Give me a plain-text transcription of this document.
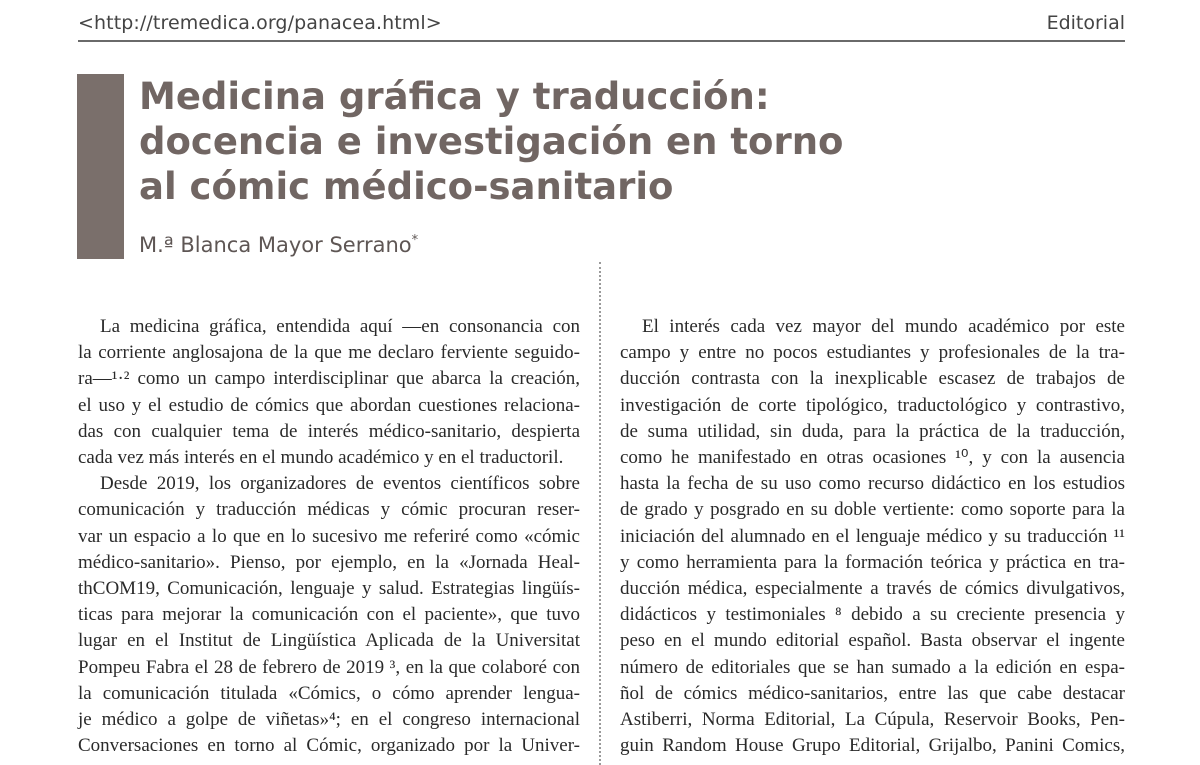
<http://tremedica.org/panacea.html>	Editorial
Medicina gráfica y traducción:
docencia e investigación en torno
al cómic médico-sanitario
M.ª Blanca Mayor Serrano*
La medicina gráfica, entendida aquí —en consonancia con
la corriente anglosajona de la que me declaro ferviente seguido-
ra—¹·² como un campo interdisciplinar que abarca la creación,
el uso y el estudio de cómics que abordan cuestiones relaciona-
das con cualquier tema de interés médico-sanitario, despierta
cada vez más interés en el mundo académico y en el traductoril.
Desde 2019, los organizadores de eventos científicos sobre
comunicación y traducción médicas y cómic procuran reser-
var un espacio a lo que en lo sucesivo me referiré como «cómic
médico-sanitario». Pienso, por ejemplo, en la «Jornada Heal-
thCOM19, Comunicación, lenguaje y salud. Estrategias lingüís-
ticas para mejorar la comunicación con el paciente», que tuvo
lugar en el Institut de Lingüística Aplicada de la Universitat
Pompeu Fabra el 28 de febrero de 2019 ³, en la que colaboré con
la comunicación titulada «Cómics, o cómo aprender lengua-
je médico a golpe de viñetas»⁴; en el congreso internacional
Conversaciones en torno al Cómic, organizado por la Univer-
El interés cada vez mayor del mundo académico por este
campo y entre no pocos estudiantes y profesionales de la tra-
ducción contrasta con la inexplicable escasez de trabajos de
investigación de corte tipológico, traductológico y contrastivo,
de suma utilidad, sin duda, para la práctica de la traducción,
como he manifestado en otras ocasiones ¹⁰, y con la ausencia
hasta la fecha de su uso como recurso didáctico en los estudios
de grado y posgrado en su doble vertiente: como soporte para la
iniciación del alumnado en el lenguaje médico y su traducción ¹¹
y como herramienta para la formación teórica y práctica en tra-
ducción médica, especialmente a través de cómics divulgativos,
didácticos y testimoniales ⁸ debido a su creciente presencia y
peso en el mundo editorial español. Basta observar el ingente
número de editoriales que se han sumado a la edición en espa-
ñol de cómics médico-sanitarios, entre las que cabe destacar
Astiberri, Norma Editorial, La Cúpula, Reservoir Books, Pen-
guin Random House Grupo Editorial, Grijalbo, Panini Comics,
